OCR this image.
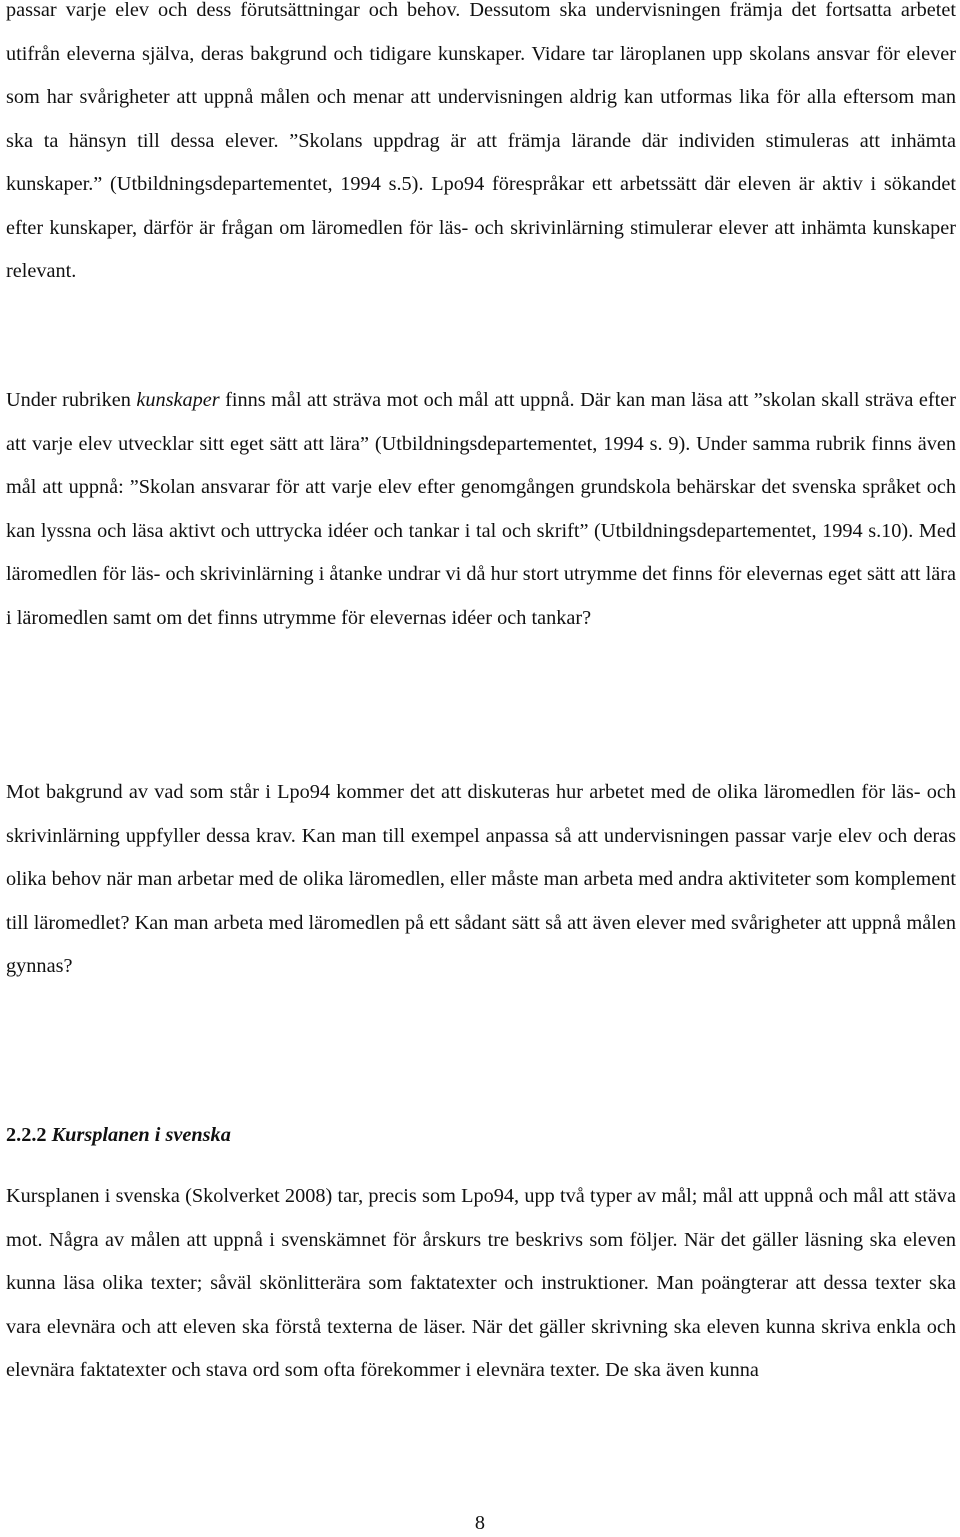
passar varje elev och dess förutsättningar och behov. Dessutom ska undervisningen främja det fortsatta arbetet utifrån eleverna själva, deras bakgrund och tidigare kunskaper. Vidare tar läroplanen upp skolans ansvar för elever som har svårigheter att uppnå målen och menar att undervisningen aldrig kan utformas lika för alla eftersom man ska ta hänsyn till dessa elever. ”Skolans uppdrag är att främja lärande där individen stimuleras att inhämta kunskaper.” (Utbildningsdepartementet, 1994 s.5). Lpo94 förespråkar ett arbetssätt där eleven är aktiv i sökandet efter kunskaper, därför är frågan om läromedlen för läs- och skrivinlärning stimulerar elever att inhämta kunskaper relevant.

Under rubriken kunskaper finns mål att sträva mot och mål att uppnå. Där kan man läsa att ”skolan skall sträva efter att varje elev utvecklar sitt eget sätt att lära” (Utbildningsdepartementet, 1994 s. 9). Under samma rubrik finns även mål att uppnå: ”Skolan ansvarar för att varje elev efter genomgången grundskola behärskar det svenska språket och kan lyssna och läsa aktivt och uttrycka idéer och tankar i tal och skrift” (Utbildningsdepartementet, 1994 s.10). Med läromedlen för läs- och skrivinlärning i åtanke undrar vi då hur stort utrymme det finns för elevernas eget sätt att lära i läromedlen samt om det finns utrymme för elevernas idéer och tankar?

Mot bakgrund av vad som står i Lpo94 kommer det att diskuteras hur arbetet med de olika läromedlen för läs- och skrivinlärning uppfyller dessa krav. Kan man till exempel anpassa så att undervisningen passar varje elev och deras olika behov när man arbetar med de olika läromedlen, eller måste man arbeta med andra aktiviteter som komplement till läromedlet? Kan man arbeta med läromedlen på ett sådant sätt så att även elever med svårigheter att uppnå målen gynnas?

2.2.2 Kursplanen i svenska

Kursplanen i svenska (Skolverket 2008) tar, precis som Lpo94, upp två typer av mål; mål att uppnå och mål att stäva mot. Några av målen att uppnå i svenskämnet för årskurs tre beskrivs som följer. När det gäller läsning ska eleven kunna läsa olika texter; såväl skönlitterära som faktatexter och instruktioner. Man poängterar att dessa texter ska vara elevnära och att eleven ska förstå texterna de läser. När det gäller skrivning ska eleven kunna skriva enkla och elevnära faktatexter och stava ord som ofta förekommer i elevnära texter. De ska även kunna

8
